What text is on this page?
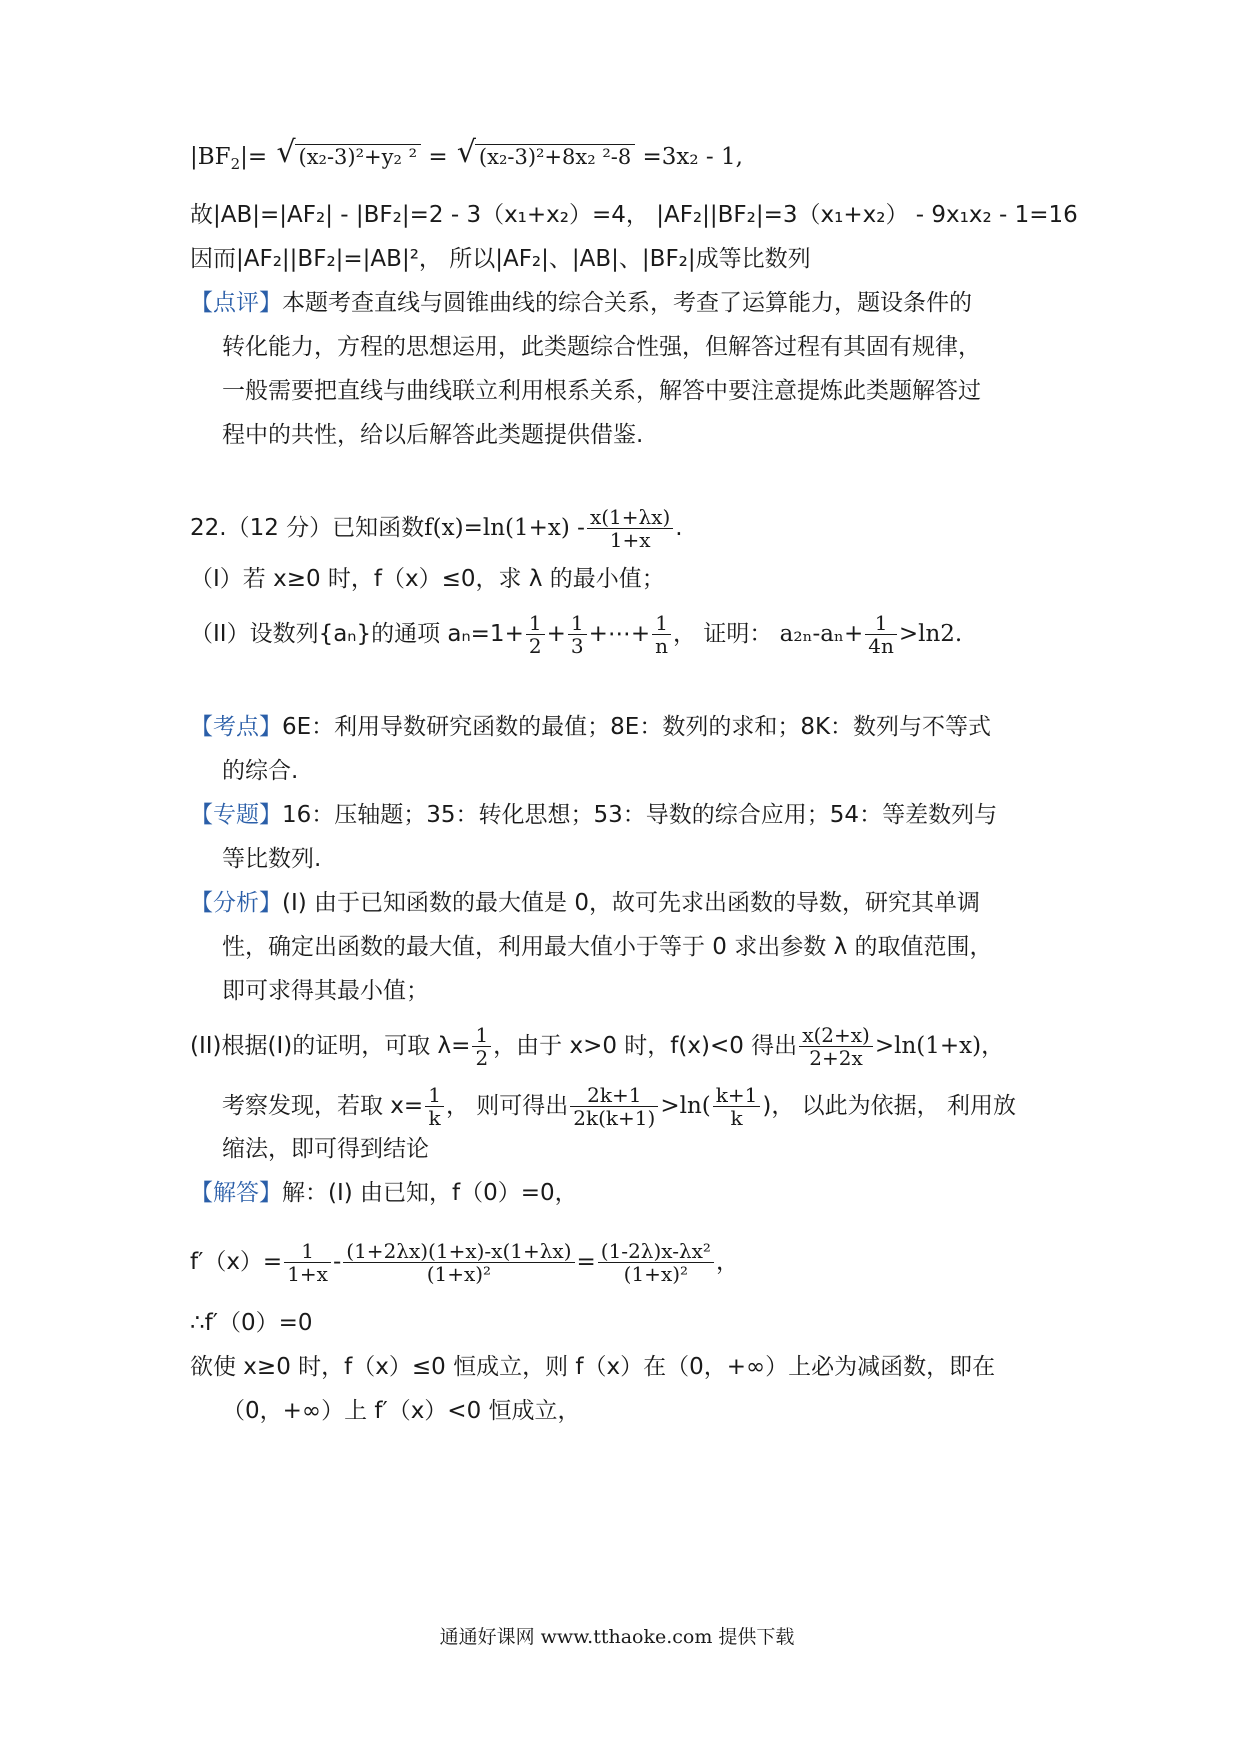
$|BF_2|=$ √ (x₂-3)²+y₂ ² = √ (x₂-3)²+8x₂ ²-8 =3x₂ - 1,
故|AB|=|AF₂| - |BF₂|=2 - 3（x₁+x₂）=4， |AF₂||BF₂|=3（x₁+x₂） - 9x₁x₂ - 1=16
因而|AF₂||BF₂|=|AB|²， 所以|AF₂|、|AB|、|BF₂|成等比数列
【点评】本题考查直线与圆锥曲线的综合关系，考查了运算能力，题设条件的
转化能力，方程的思想运用，此类题综合性强，但解答过程有其固有规律，
一般需要把直线与曲线联立利用根系关系，解答中要注意提炼此类题解答过
程中的共性，给以后解答此类题提供借鉴.
22.（12 分）已知函数$f(x)=\ln(1+x) - \frac{x(1+\lambda x)}{1+x}$ .
（I）若 x≥0 时，f（x）≤0，求 λ 的最小值；
（II）设数列{aₙ}的通项 $a_n=1+ \frac{1}{2} + \frac{1}{3}$ +⋯+ $\frac{1}{n}$ ， 证明： $a_{2n}-a_n+ \frac{1}{4n} >\ln 2$.
【考点】6E：利用导数研究函数的最值；8E：数列的求和；8K：数列与不等式
的综合.
【专题】16：压轴题；35：转化思想；53：导数的综合应用；54：等差数列与
等比数列.
【分析】(I) 由于已知函数的最大值是 0，故可先求出函数的导数，研究其单调
性，确定出函数的最大值，利用最大值小于等于 0 求出参数 λ 的取值范围，
即可求得其最小值；
(II)根据(I)的证明，可取 $\lambda= \frac{1}{2}$ ，由于 x>0 时，f(x)<0 得出 $\frac{x(2+x)}{2+2x} >\ln(1+x)$，
考察发现，若取 $x= \frac{1}{k}$ ， 则可得出 $\frac{2k+1}{2k(k+1)} >\ln( \frac{k+1}{k}$ )， 以此为依据， 利用放
缩法，即可得到结论
【解答】解：(I) 由已知，f（0）=0，
$f'(x)= \frac{1}{1+x} - \frac{(1+2\lambda x)(1+x)-x(1+\lambda x)}{\text{(1+x)²}} = \frac{\text{(1-2λ)x-λx²}}{\text{(1+x)²}}$ ，
∴f′（0）=0
欲使 x≥0 时，f（x）≤0 恒成立，则 f（x）在（0，+∞）上必为减函数，即在
（0，+∞）上 f′（x）<0 恒成立，
通通好课网 www.tthaoke.com 提供下载
